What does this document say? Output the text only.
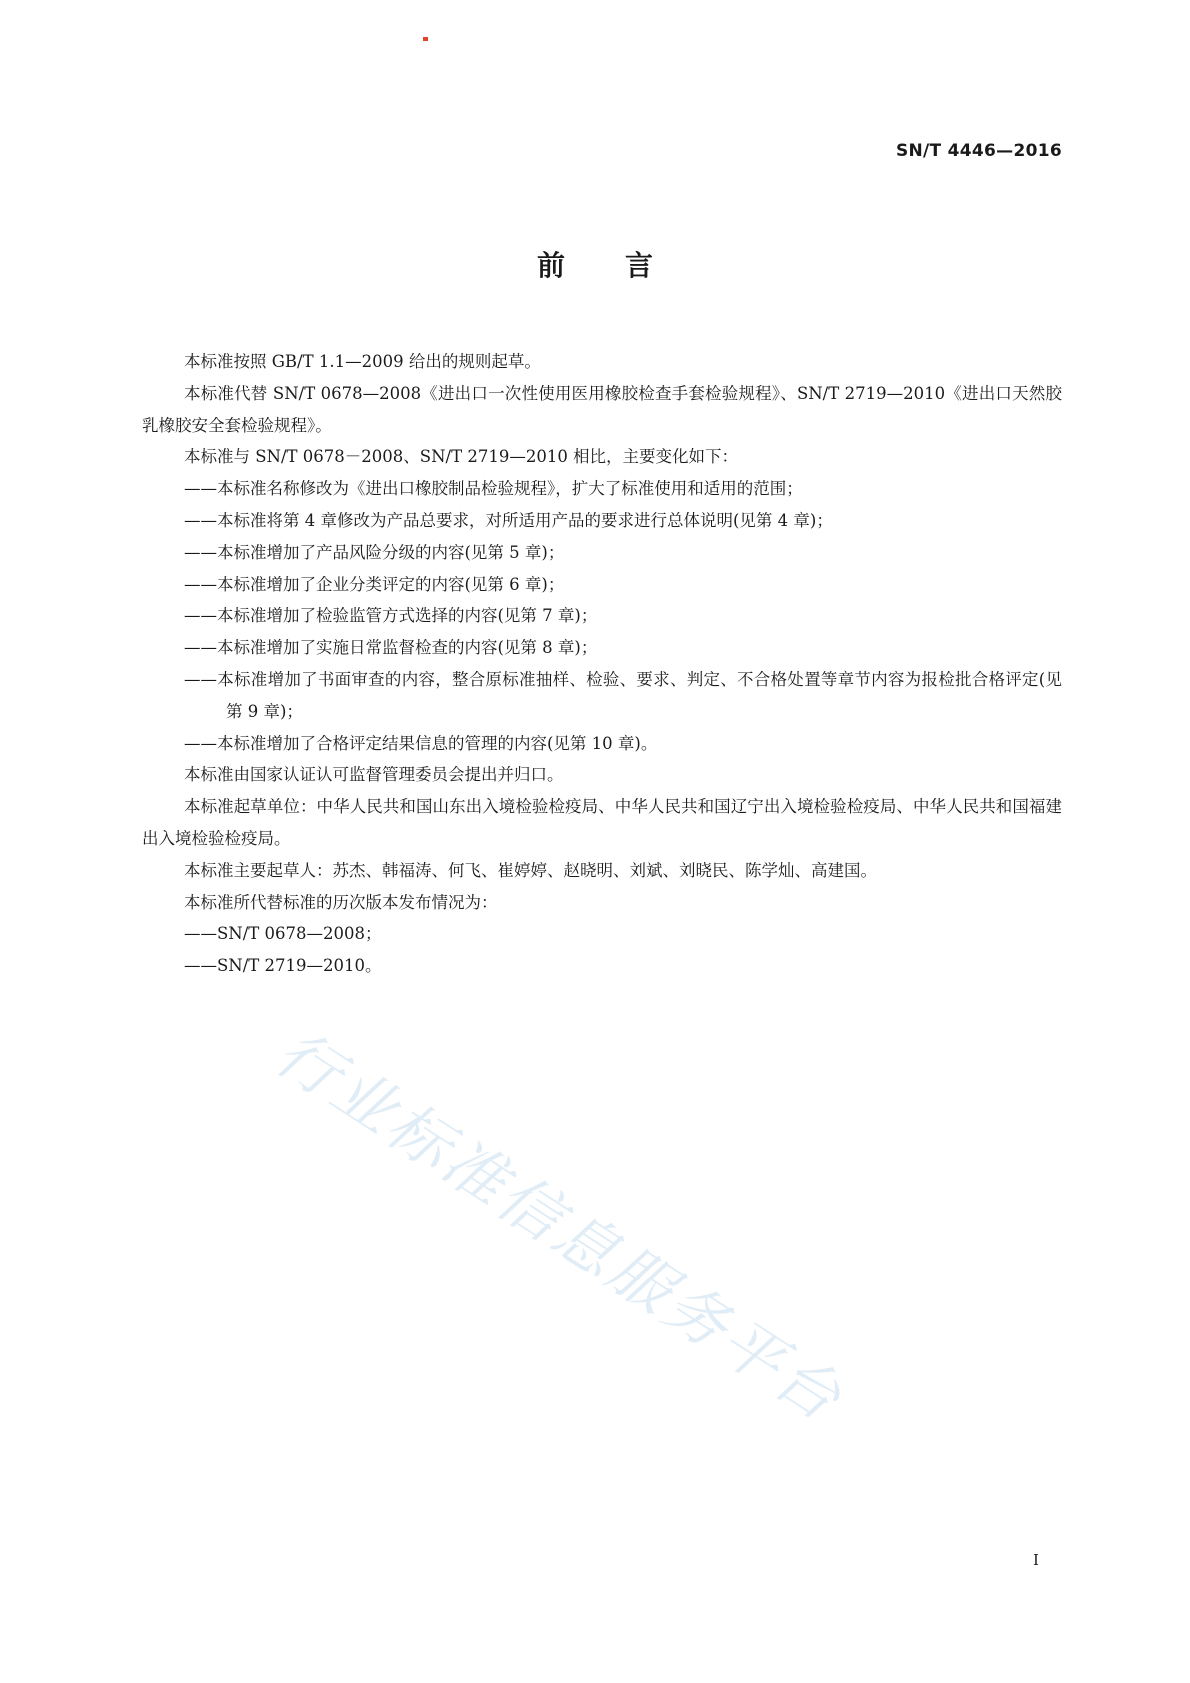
SN/T 4446—2016
前言

本标准按照 GB/T 1.1—2009 给出的规则起草。

本标准代替 SN/T 0678—2008《进出口一次性使用医用橡胶检查手套检验规程》、SN/T 2719—2010《进出口天然胶乳橡胶安全套检验规程》。

本标准与 SN/T 0678－2008、SN/T 2719—2010 相比，主要变化如下：

——本标准名称修改为《进出口橡胶制品检验规程》，扩大了标准使用和适用的范围；

——本标准将第 4 章修改为产品总要求，对所适用产品的要求进行总体说明(见第 4 章)；

——本标准增加了产品风险分级的内容(见第 5 章)；

——本标准增加了企业分类评定的内容(见第 6 章)；

——本标准增加了检验监管方式选择的内容(见第 7 章)；

——本标准增加了实施日常监督检查的内容(见第 8 章)；

——本标准增加了书面审查的内容，整合原标准抽样、检验、要求、判定、不合格处置等章节内容为报检批合格评定(见第 9 章)；

——本标准增加了合格评定结果信息的管理的内容(见第 10 章)。

本标准由国家认证认可监督管理委员会提出并归口。

本标准起草单位：中华人民共和国山东出入境检验检疫局、中华人民共和国辽宁出入境检验检疫局、中华人民共和国福建出入境检验检疫局。

本标准主要起草人：苏杰、韩福涛、何飞、崔婷婷、赵晓明、刘斌、刘晓民、陈学灿、高建国。

本标准所代替标准的历次版本发布情况为：

——SN/T 0678—2008；

——SN/T 2719—2010。

行业标准信息服务平台
I
